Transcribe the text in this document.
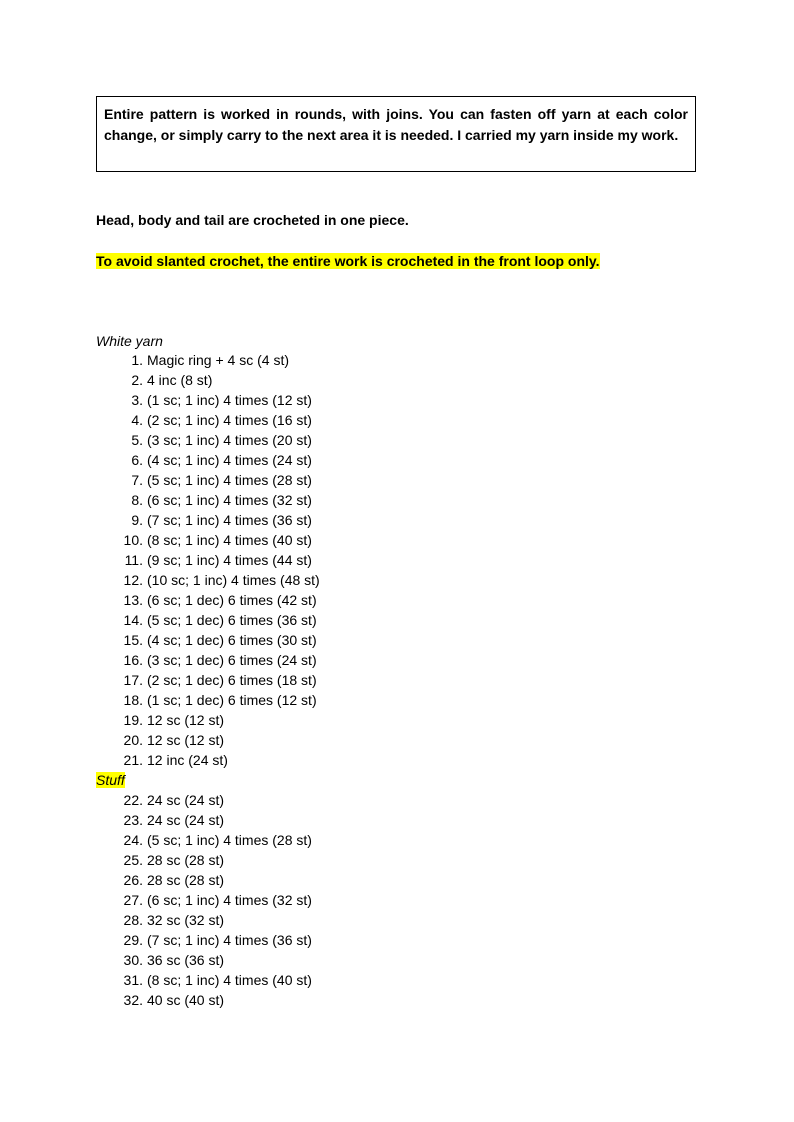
Entire pattern is worked in rounds, with joins. You can fasten off yarn at each color change, or simply carry to the next area it is needed. I carried my yarn inside my work.

Head, body and tail are crocheted in one piece.

To avoid slanted crochet, the entire work is crocheted in the front loop only.

White yarn

1. Magic ring + 4 sc (4 st)
2. 4 inc (8 st)
3. (1 sc; 1 inc) 4 times (12 st)
4. (2 sc; 1 inc) 4 times (16 st)
5. (3 sc; 1 inc) 4 times (20 st)
6. (4 sc; 1 inc) 4 times (24 st)
7. (5 sc; 1 inc) 4 times (28 st)
8. (6 sc; 1 inc) 4 times (32 st)
9. (7 sc; 1 inc) 4 times (36 st)
10. (8 sc; 1 inc) 4 times (40 st)
11. (9 sc; 1 inc) 4 times (44 st)
12. (10 sc; 1 inc) 4 times (48 st)
13. (6 sc; 1 dec) 6 times (42 st)
14. (5 sc; 1 dec) 6 times (36 st)
15. (4 sc; 1 dec) 6 times (30 st)
16. (3 sc; 1 dec) 6 times (24 st)
17. (2 sc; 1 dec) 6 times (18 st)
18. (1 sc; 1 dec) 6 times (12 st)
19. 12 sc (12 st)
20. 12 sc (12 st)
21. 12 inc (24 st)
Stuff
22. 24 sc (24 st)
23. 24 sc (24 st)
24. (5 sc; 1 inc) 4 times (28 st)
25. 28 sc (28 st)
26. 28 sc (28 st)
27. (6 sc; 1 inc) 4 times (32 st)
28. 32 sc (32 st)
29. (7 sc; 1 inc) 4 times (36 st)
30. 36 sc (36 st)
31. (8 sc; 1 inc) 4 times (40 st)
32. 40 sc (40 st)
